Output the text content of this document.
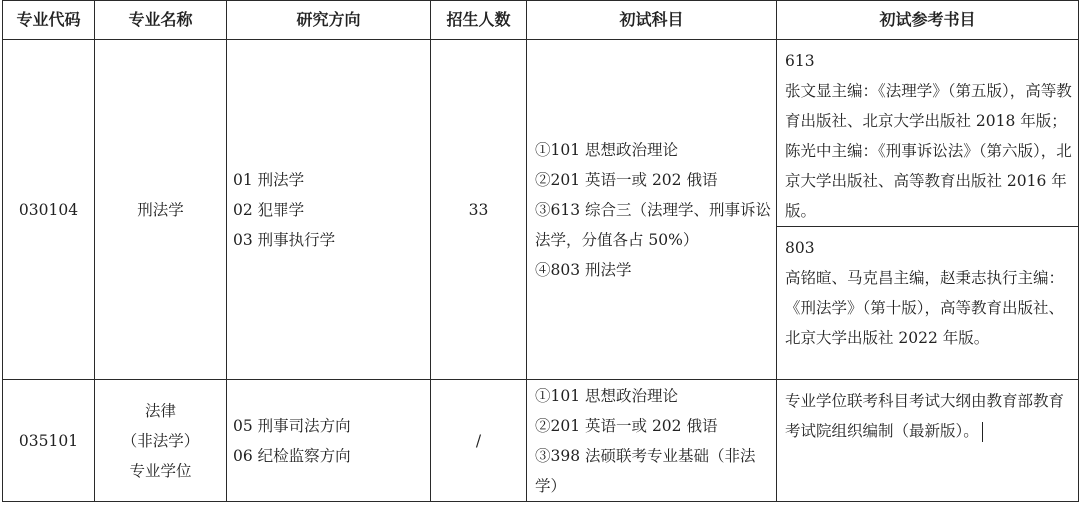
专业代码	专业名称	研究方向	招生人数	初试科目	初试参考书目
030104	刑法学	01 刑法学
02 犯罪学
03 刑事执行学	33	①101 思想政治理论
②201 英语一或 202 俄语
③613 综合三（法理学、刑事诉讼法学，分值各占 50%）
④803 刑法学	613
张文显主编：《法理学》（第五版），高等教育出版社、北京大学出版社 2018 年版；陈光中主编：《刑事诉讼法》（第六版），北京大学出版社、高等教育出版社 2016 年版。

					803
高铭暄、马克昌主编，赵秉志执行主编：《刑法学》（第十版），高等教育出版社、北京大学出版社 2022 年版。

035101	法律
（非法学）
专业学位	05 刑事司法方向
06 纪检监察方向	/	①101 思想政治理论
②201 英语一或 202 俄语
③398 法硕联考专业基础（非法学）	专业学位联考科目考试大纲由教育部教育考试院组织编制（最新版）。
